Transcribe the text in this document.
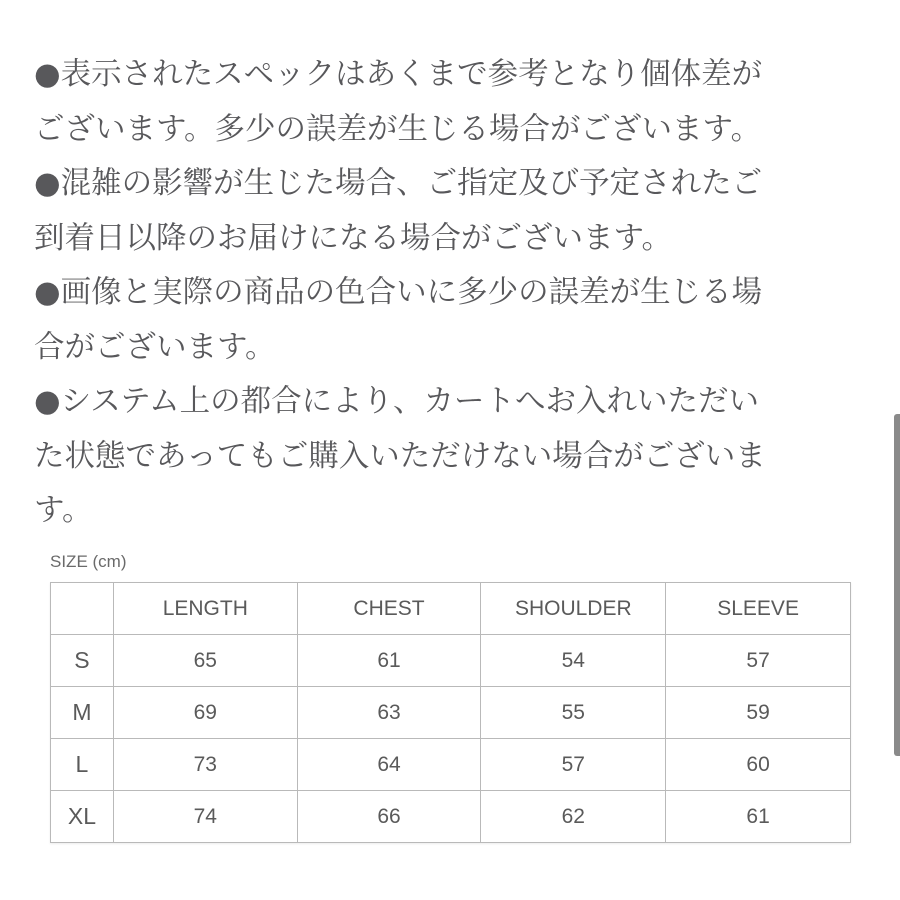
●表示されたスペックはあくまで参考となり個体差が
ございます。多少の誤差が生じる場合がございます。
●混雑の影響が生じた場合、ご指定及び予定されたご
到着日以降のお届けになる場合がございます。
●画像と実際の商品の色合いに多少の誤差が生じる場
合がございます。
●システム上の都合により、カートへお入れいただい
た状態であってもご購入いただけない場合がございま
す。
SIZE (cm)
	LENGTH	CHEST	SHOULDER	SLEEVE
S	65	61	54	57
M	69	63	55	59
L	73	64	57	60
XL	74	66	62	61
